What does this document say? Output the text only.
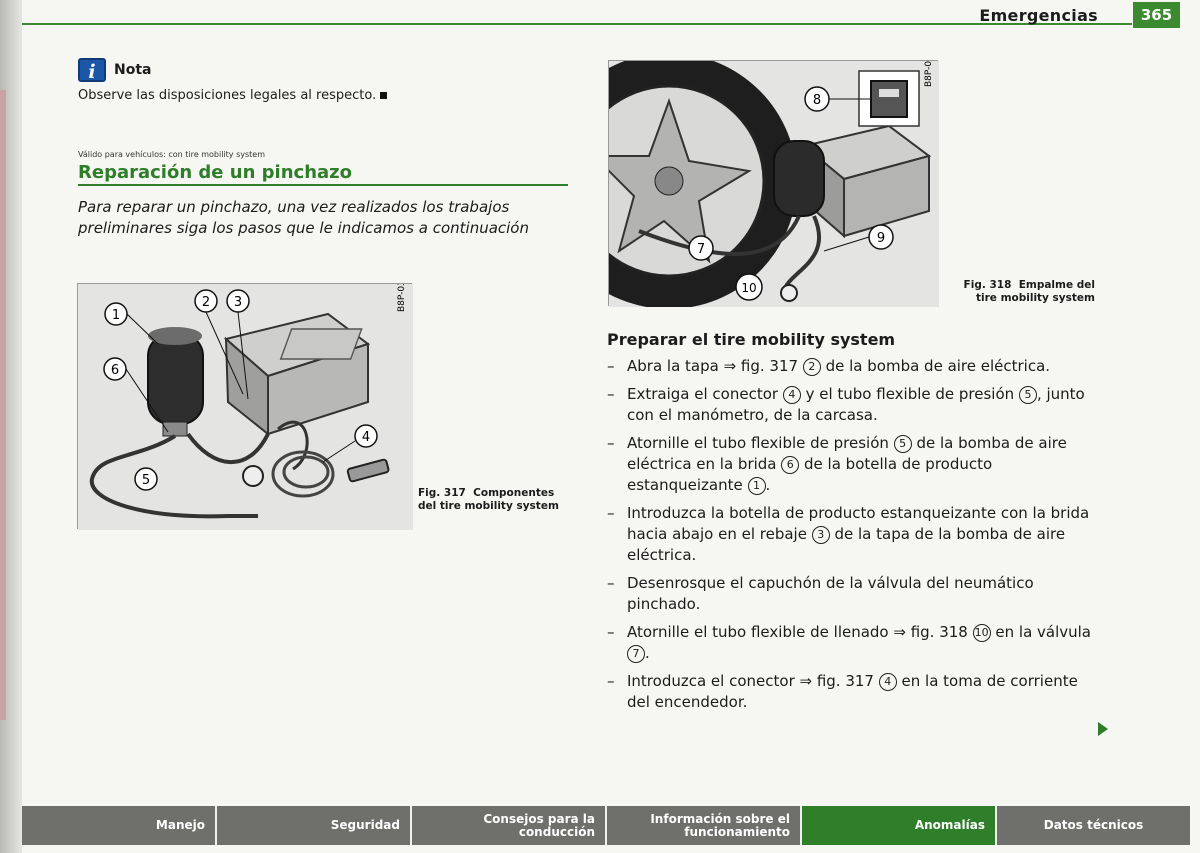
Emergencias	365
i	Nota
Observe las disposiciones legales al respecto.
Válido para vehículos: con tire mobility system
Reparación de un pinchazo
Para reparar un pinchazo, una vez realizados los trabajos preliminares siga los pasos que le indicamos a continuación
B8P-0319
1
2 3
4
5
6
Fig. 317 Componentes del tire mobility system
B8P-0320
7
8
9
10	Fig. 318 Empalme del tire mobility system
Preparar el tire mobility system
– Abra la tapa ⇒ fig. 317 2 de la bomba de aire eléctrica.
– Extraiga el conector 4 y el tubo flexible de presión 5 , junto con el manómetro, de la carcasa.
– Atornille el tubo flexible de presión 5 de la bomba de aire eléctrica en la brida 6 de la botella de producto estanqueizante 1 .
– Introduzca la botella de producto estanqueizante con la brida hacia abajo en el rebaje 3 de la tapa de la bomba de aire eléctrica.
– Desenrosque el capuchón de la válvula del neumático pinchado.
– Atornille el tubo flexible de llenado ⇒ fig. 318 10 en la válvula 7 .
– Introduzca el conector ⇒ fig. 317 4 en la toma de corriente del encendedor.
Manejo	Seguridad	Consejos para la conducción
Información sobre el funcionamiento	Anomalías	Datos técnicos
